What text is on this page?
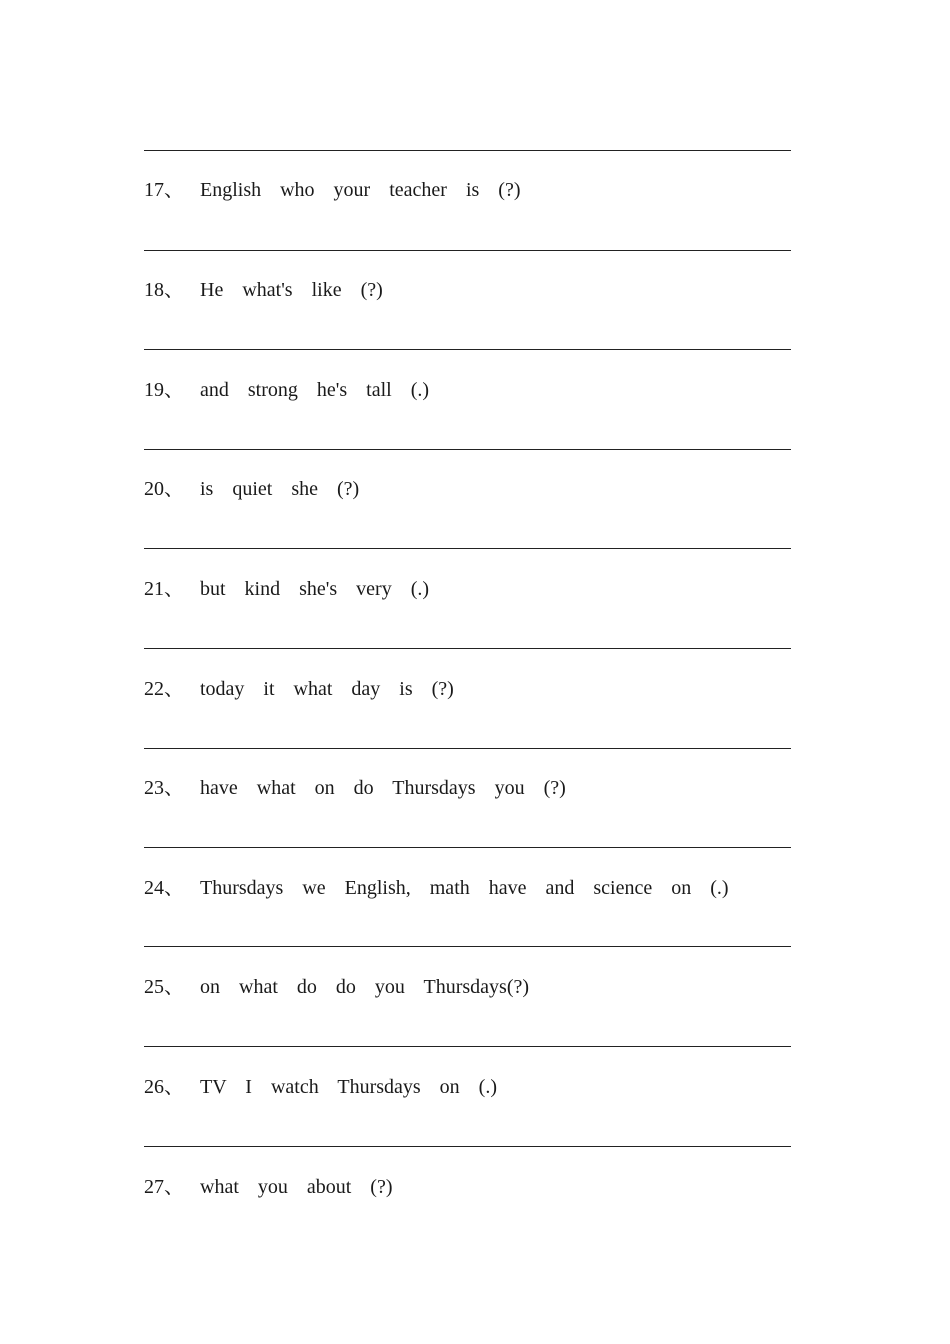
17、 English who your teacher is (?)
18、 He what's like (?)
19、 and strong he's tall (.)
20、 is quiet she (?)
21、 but kind she's very (.)
22、 today it what day is (?)
23、 have what on do Thursdays you (?)
24、 Thursdays we English, math have and science on (.)
25、 on what do do you Thursdays(?)
26、 TV I watch Thursdays on (.)
27、 what you about (?)
